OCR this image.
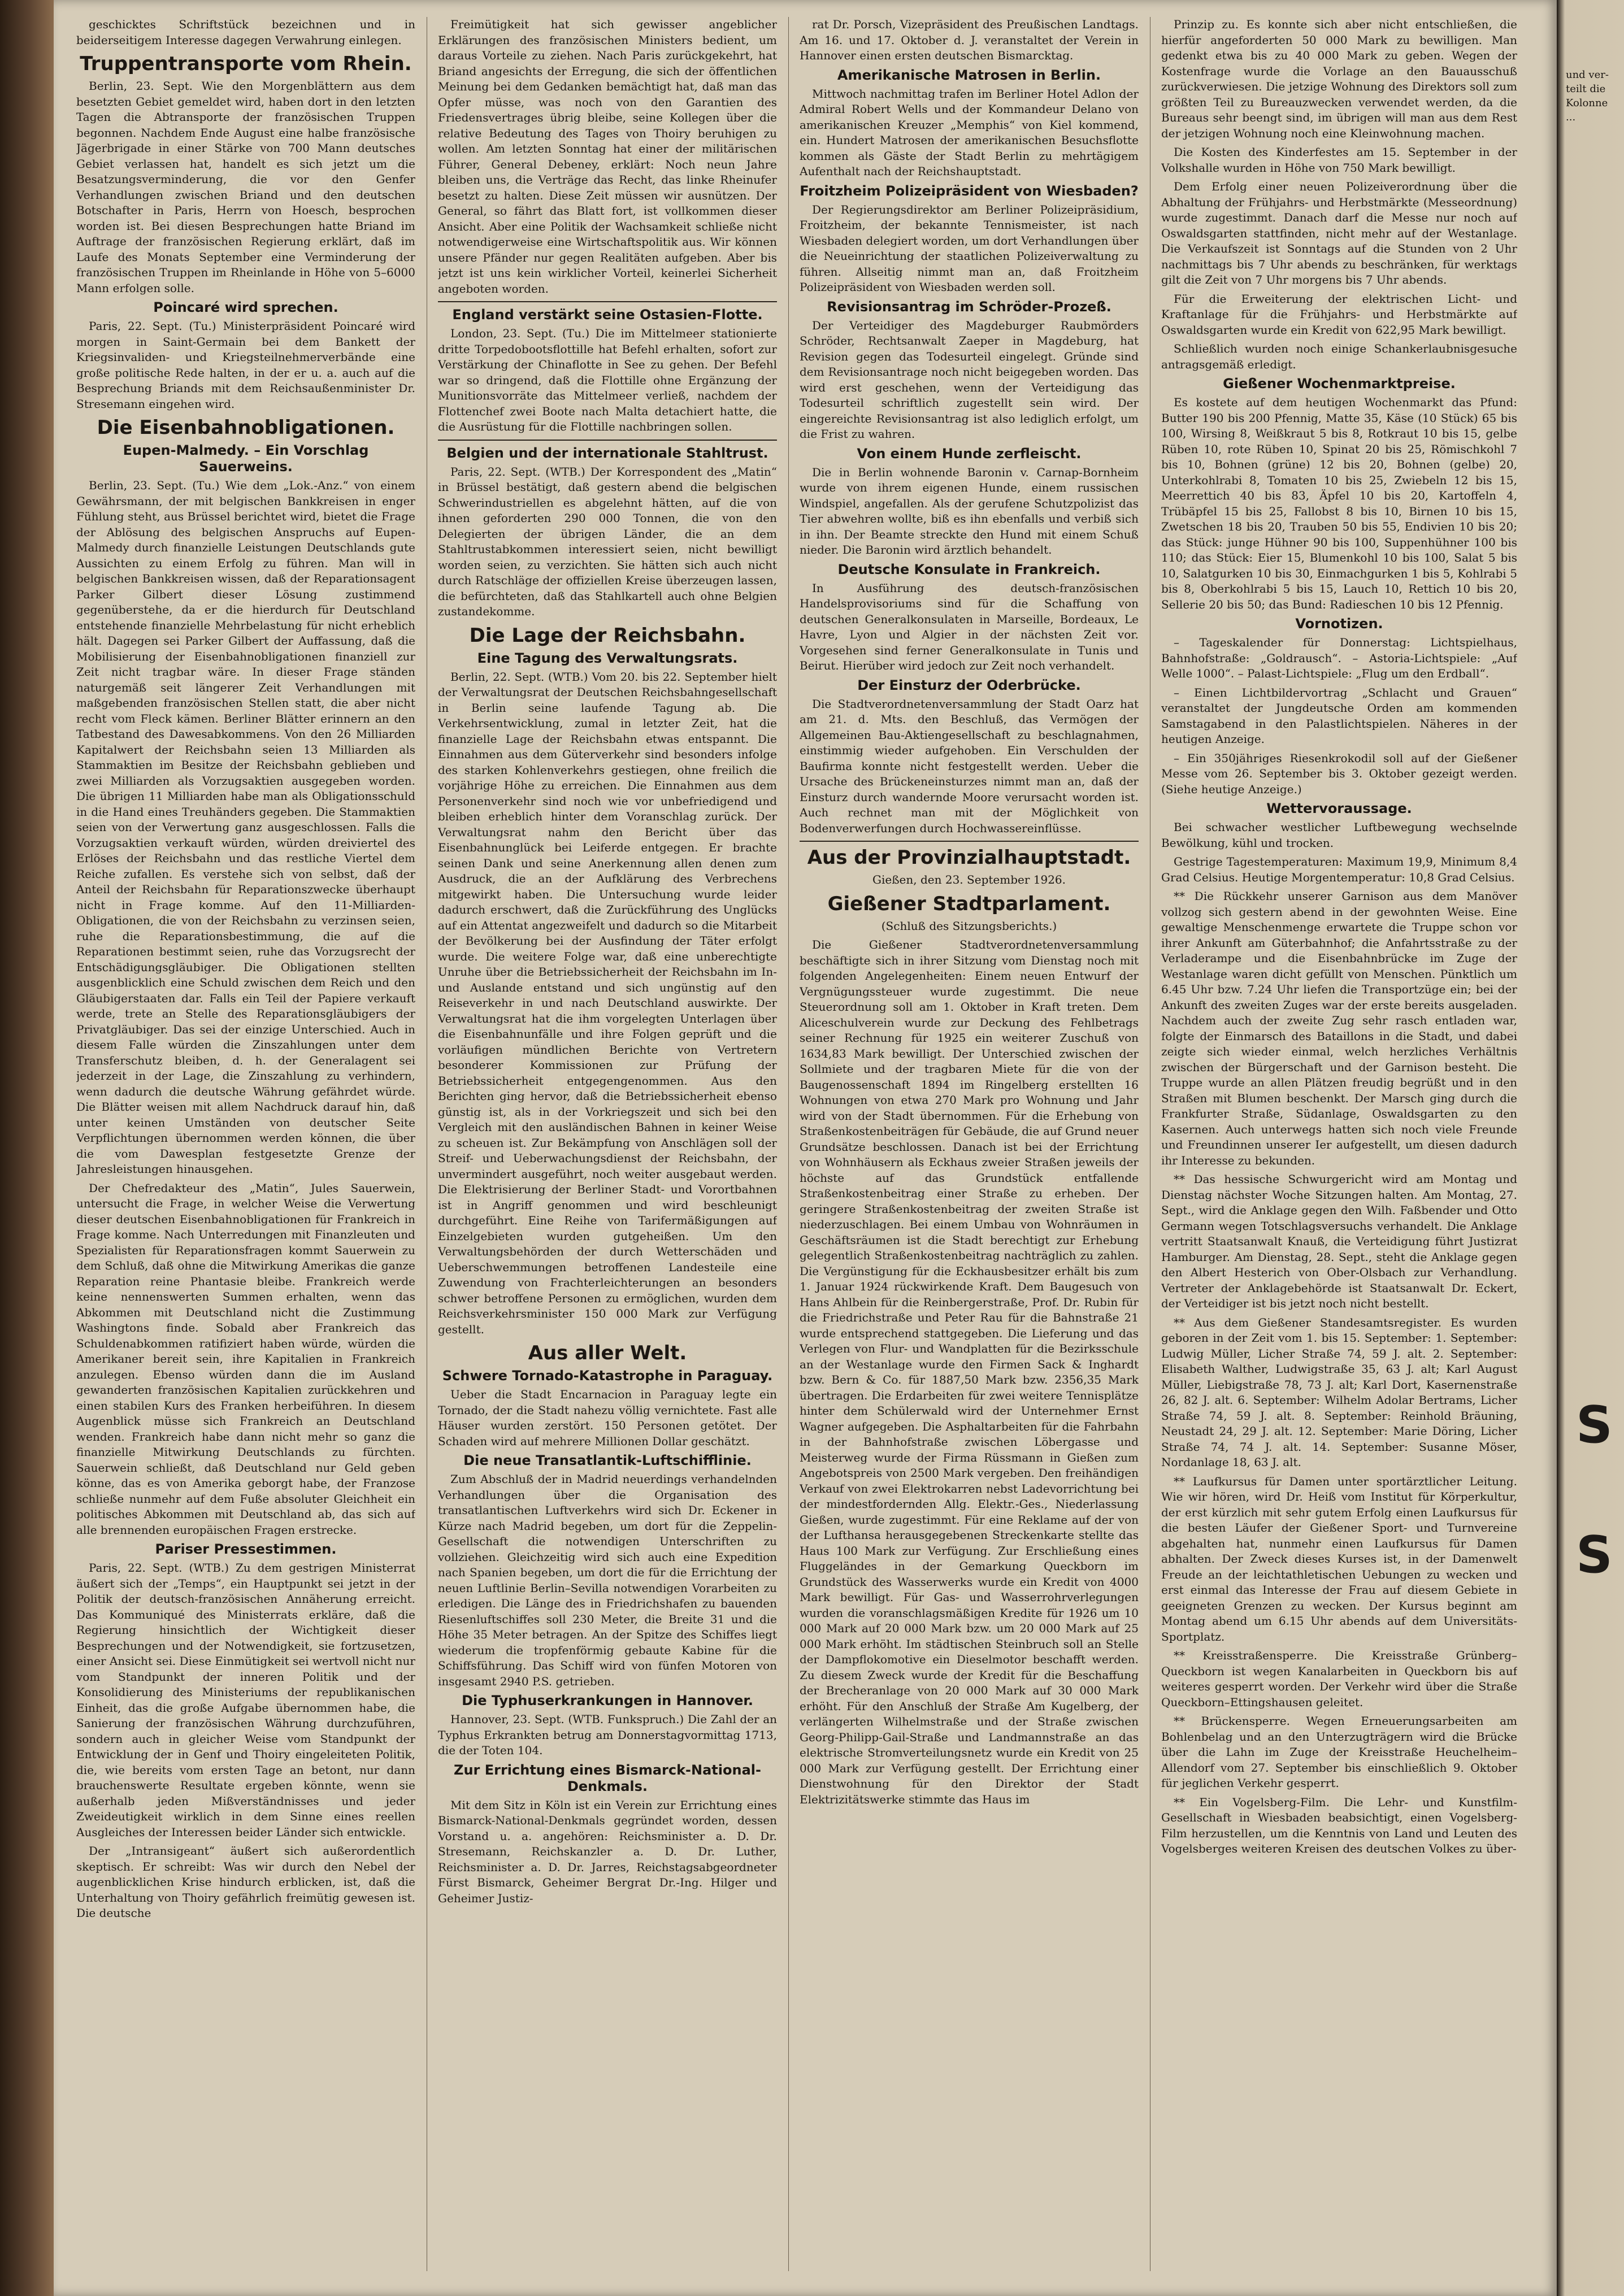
geschicktes Schriftstück bezeichnen und in beiderseitigem Interesse dagegen Verwahrung einlegen.

Truppentransporte vom Rhein.

Berlin, 23. Sept. Wie den Morgenblättern aus dem besetzten Gebiet gemeldet wird, haben dort in den letzten Tagen die Abtransporte der französischen Truppen begonnen. Nachdem Ende August eine halbe französische Jägerbrigade in einer Stärke von 700 Mann deutsches Gebiet verlassen hat, handelt es sich jetzt um die Besatzungsverminderung, die vor den Genfer Verhandlungen zwischen Briand und den deutschen Botschafter in Paris, Herrn von Hoesch, besprochen worden ist. Bei diesen Besprechungen hatte Briand im Auftrage der französischen Regierung erklärt, daß im Laufe des Monats September eine Verminderung der französischen Truppen im Rheinlande in Höhe von 5–6000 Mann erfolgen solle.

Poincaré wird sprechen.

Paris, 22. Sept. (Tu.) Ministerpräsident Poincaré wird morgen in Saint-Germain bei dem Bankett der Kriegsinvaliden- und Kriegsteilnehmerverbände eine große politische Rede halten, in der er u. a. auch auf die Besprechung Briands mit dem Reichsaußenminister Dr. Stresemann eingehen wird.

Die Eisenbahnobligationen.
Eupen-Malmedy. – Ein Vorschlag Sauerweins.

Berlin, 23. Sept. (Tu.) Wie dem „Lok.-Anz.“ von einem Gewährsmann, der mit belgischen Bankkreisen in enger Fühlung steht, aus Brüssel berichtet wird, bietet die Frage der Ablösung des belgischen Anspruchs auf Eupen-Malmedy durch finanzielle Leistungen Deutschlands gute Aussichten zu einem Erfolg zu führen. Man will in belgischen Bankkreisen wissen, daß der Reparationsagent Parker Gilbert dieser Lösung zustimmend gegenüberstehe, da er die hierdurch für Deutschland entstehende finanzielle Mehrbelastung für nicht erheblich hält. Dagegen sei Parker Gilbert der Auffassung, daß die Mobilisierung der Eisenbahnobligationen finanziell zur Zeit nicht tragbar wäre. In dieser Frage ständen naturgemäß seit längerer Zeit Verhandlungen mit maßgebenden französischen Stellen statt, die aber nicht recht vom Fleck kämen. Berliner Blätter erinnern an den Tatbestand des Dawesabkommens. Von den 26 Milliarden Kapitalwert der Reichsbahn seien 13 Milliarden als Stammaktien im Besitze der Reichsbahn geblieben und zwei Milliarden als Vorzugsaktien ausgegeben worden. Die übrigen 11 Milliarden habe man als Obligationsschuld in die Hand eines Treuhänders gegeben. Die Stammaktien seien von der Verwertung ganz ausgeschlossen. Falls die Vorzugsaktien verkauft würden, würden dreiviertel des Erlöses der Reichsbahn und das restliche Viertel dem Reiche zufallen. Es verstehe sich von selbst, daß der Anteil der Reichsbahn für Reparationszwecke überhaupt nicht in Frage komme. Auf den 11-Milliarden-Obligationen, die von der Reichsbahn zu verzinsen seien, ruhe die Reparationsbestimmung, die auf die Reparationen bestimmt seien, ruhe das Vorzugsrecht der Entschädigungsgläubiger. Die Obligationen stellten ausgenblicklich eine Schuld zwischen dem Reich und den Gläubigerstaaten dar. Falls ein Teil der Papiere verkauft werde, trete an Stelle des Reparationsgläubigers der Privatgläubiger. Das sei der einzige Unterschied. Auch in diesem Falle würden die Zinszahlungen unter dem Transferschutz bleiben, d. h. der Generalagent sei jederzeit in der Lage, die Zinszahlung zu verhindern, wenn dadurch die deutsche Währung gefährdet würde. Die Blätter weisen mit allem Nachdruck darauf hin, daß unter keinen Umständen von deutscher Seite Verpflichtungen übernommen werden können, die über die vom Dawesplan festgesetzte Grenze der Jahresleistungen hinausgehen.

Der Chefredakteur des „Matin“, Jules Sauerwein, untersucht die Frage, in welcher Weise die Verwertung dieser deutschen Eisenbahnobligationen für Frankreich in Frage komme. Nach Unterredungen mit Finanzleuten und Spezialisten für Reparationsfragen kommt Sauerwein zu dem Schluß, daß ohne die Mitwirkung Amerikas die ganze Reparation reine Phantasie bleibe. Frankreich werde keine nennenswerten Summen erhalten, wenn das Abkommen mit Deutschland nicht die Zustimmung Washingtons finde. Sobald aber Frankreich das Schuldenabkommen ratifiziert haben würde, würden die Amerikaner bereit sein, ihre Kapitalien in Frankreich anzulegen. Ebenso würden dann die im Ausland gewanderten französischen Kapitalien zurückkehren und einen stabilen Kurs des Franken herbeiführen. In diesem Augenblick müsse sich Frankreich an Deutschland wenden. Frankreich habe dann nicht mehr so ganz die finanzielle Mitwirkung Deutschlands zu fürchten. Sauerwein schließt, daß Deutschland nur Geld geben könne, das es von Amerika geborgt habe, der Franzose schließe nunmehr auf dem Fuße absoluter Gleichheit ein politisches Abkommen mit Deutschland ab, das sich auf alle brennenden europäischen Fragen erstrecke.

Pariser Pressestimmen.

Paris, 22. Sept. (WTB.) Zu dem gestrigen Ministerrat äußert sich der „Temps“, ein Hauptpunkt sei jetzt in der Politik der deutsch-französischen Annäherung erreicht. Das Kommuniqué des Ministerrats erkläre, daß die Regierung hinsichtlich der Wichtigkeit dieser Besprechungen und der Notwendigkeit, sie fortzusetzen, einer Ansicht sei. Diese Einmütigkeit sei wertvoll nicht nur vom Standpunkt der inneren Politik und der Konsolidierung des Ministeriums der republikanischen Einheit, das die große Aufgabe übernommen habe, die Sanierung der französischen Währung durchzuführen, sondern auch in gleicher Weise vom Standpunkt der Entwicklung der in Genf und Thoiry eingeleiteten Politik, die, wie bereits vom ersten Tage an betont, nur dann brauchenswerte Resultate ergeben könnte, wenn sie außerhalb jeden Mißverständnisses und jeder Zweideutigkeit wirklich in dem Sinne eines reellen Ausgleiches der Interessen beider Länder sich entwickle.

Der „Intransigeant“ äußert sich außerordentlich skeptisch. Er schreibt: Was wir durch den Nebel der augenblicklichen Krise hindurch erblicken, ist, daß die Unterhaltung von Thoiry gefährlich freimütig gewesen ist. Die deutsche

Freimütigkeit hat sich gewisser angeblicher Erklärungen des französischen Ministers bedient, um daraus Vorteile zu ziehen. Nach Paris zurückgekehrt, hat Briand angesichts der Erregung, die sich der öffentlichen Meinung bei dem Gedanken bemächtigt hat, daß man das Opfer müsse, was noch von den Garantien des Friedensvertrages übrig bleibe, seine Kollegen über die relative Bedeutung des Tages von Thoiry beruhigen zu wollen. Am letzten Sonntag hat einer der militärischen Führer, General Debeney, erklärt: Noch neun Jahre bleiben uns, die Verträge das Recht, das linke Rheinufer besetzt zu halten. Diese Zeit müssen wir ausnützen. Der General, so fährt das Blatt fort, ist vollkommen dieser Ansicht. Aber eine Politik der Wachsamkeit schließe nicht notwendigerweise eine Wirtschaftspolitik aus. Wir können unsere Pfänder nur gegen Realitäten aufgeben. Aber bis jetzt ist uns kein wirklicher Vorteil, keinerlei Sicherheit angeboten worden.

England verstärkt seine Ostasien-Flotte.

London, 23. Sept. (Tu.) Die im Mittelmeer stationierte dritte Torpedobootsflottille hat Befehl erhalten, sofort zur Verstärkung der Chinaflotte in See zu gehen. Der Befehl war so dringend, daß die Flottille ohne Ergänzung der Munitionsvorräte das Mittelmeer verließ, nachdem der Flottenchef zwei Boote nach Malta detachiert hatte, die die Ausrüstung für die Flottille nachbringen sollen.

Belgien und der internationale Stahltrust.

Paris, 22. Sept. (WTB.) Der Korrespondent des „Matin“ in Brüssel bestätigt, daß gestern abend die belgischen Schwerindustriellen es abgelehnt hätten, auf die von ihnen geforderten 290 000 Tonnen, die von den Delegierten der übrigen Länder, die an dem Stahltrustabkommen interessiert seien, nicht bewilligt worden seien, zu verzichten. Sie hätten sich auch nicht durch Ratschläge der offiziellen Kreise überzeugen lassen, die befürchteten, daß das Stahlkartell auch ohne Belgien zustandekomme.

Die Lage der Reichsbahn.
Eine Tagung des Verwaltungsrats.

Berlin, 22. Sept. (WTB.) Vom 20. bis 22. September hielt der Verwaltungsrat der Deutschen Reichsbahngesellschaft in Berlin seine laufende Tagung ab. Die Verkehrsentwicklung, zumal in letzter Zeit, hat die finanzielle Lage der Reichsbahn etwas entspannt. Die Einnahmen aus dem Güterverkehr sind besonders infolge des starken Kohlenverkehrs gestiegen, ohne freilich die vorjährige Höhe zu erreichen. Die Einnahmen aus dem Personenverkehr sind noch wie vor unbefriedigend und bleiben erheblich hinter dem Voranschlag zurück. Der Verwaltungsrat nahm den Bericht über das Eisenbahnunglück bei Leiferde entgegen. Er brachte seinen Dank und seine Anerkennung allen denen zum Ausdruck, die an der Aufklärung des Verbrechens mitgewirkt haben. Die Untersuchung wurde leider dadurch erschwert, daß die Zurückführung des Unglücks auf ein Attentat angezweifelt und dadurch so die Mitarbeit der Bevölkerung bei der Ausfindung der Täter erfolgt wurde. Die weitere Folge war, daß eine unberechtigte Unruhe über die Betriebssicherheit der Reichsbahn im In- und Auslande entstand und sich ungünstig auf den Reiseverkehr in und nach Deutschland auswirkte. Der Verwaltungsrat hat die ihm vorgelegten Unterlagen über die Eisenbahnunfälle und ihre Folgen geprüft und die vorläufigen mündlichen Berichte von Vertretern besonderer Kommissionen zur Prüfung der Betriebssicherheit entgegengenommen. Aus den Berichten ging hervor, daß die Betriebssicherheit ebenso günstig ist, als in der Vorkriegszeit und sich bei den Vergleich mit den ausländischen Bahnen in keiner Weise zu scheuen ist. Zur Bekämpfung von Anschlägen soll der Streif- und Ueberwachungsdienst der Reichsbahn, der unvermindert ausgeführt, noch weiter ausgebaut werden. Die Elektrisierung der Berliner Stadt- und Vorortbahnen ist in Angriff genommen und wird beschleunigt durchgeführt. Eine Reihe von Tarifermäßigungen auf Einzelgebieten wurden gutgeheißen. Um den Verwaltungsbehörden der durch Wetterschäden und Ueberschwemmungen betroffenen Landesteile eine Zuwendung von Frachterleichterungen an besonders schwer betroffene Personen zu ermöglichen, wurden dem Reichsverkehrsminister 150 000 Mark zur Verfügung gestellt.

Aus aller Welt.
Schwere Tornado-Katastrophe in Paraguay.

Ueber die Stadt Encarnacion in Paraguay legte ein Tornado, der die Stadt nahezu völlig vernichtete. Fast alle Häuser wurden zerstört. 150 Personen getötet. Der Schaden wird auf mehrere Millionen Dollar geschätzt.

Die neue Transatlantik-Luftschifflinie.

Zum Abschluß der in Madrid neuerdings verhandelnden Verhandlungen über die Organisation des transatlantischen Luftverkehrs wird sich Dr. Eckener in Kürze nach Madrid begeben, um dort für die Zeppelin-Gesellschaft die notwendigen Unterschriften zu vollziehen. Gleichzeitig wird sich auch eine Expedition nach Spanien begeben, um dort die für die Errichtung der neuen Luftlinie Berlin–Sevilla notwendigen Vorarbeiten zu erledigen. Die Länge des in Friedrichshafen zu bauenden Riesenluftschiffes soll 230 Meter, die Breite 31 und die Höhe 35 Meter betragen. An der Spitze des Schiffes liegt wiederum die tropfenförmig gebaute Kabine für die Schiffsführung. Das Schiff wird von fünfen Motoren von insgesamt 2940 P.S. getrieben.

Die Typhuserkrankungen in Hannover.

Hannover, 23. Sept. (WTB. Funkspruch.) Die Zahl der an Typhus Erkrankten betrug am Donnerstagvormittag 1713, die der Toten 104.

Zur Errichtung eines Bismarck-National-Denkmals.

Mit dem Sitz in Köln ist ein Verein zur Errichtung eines Bismarck-National-Denkmals gegründet worden, dessen Vorstand u. a. angehören: Reichsminister a. D. Dr. Stresemann, Reichskanzler a. D. Dr. Luther, Reichsminister a. D. Dr. Jarres, Reichstagsabgeordneter Fürst Bismarck, Geheimer Bergrat Dr.-Ing. Hilger und Geheimer Justiz-

rat Dr. Porsch, Vizepräsident des Preußischen Landtags. Am 16. und 17. Oktober d. J. veranstaltet der Verein in Hannover einen ersten deutschen Bismarcktag.

Amerikanische Matrosen in Berlin.

Mittwoch nachmittag trafen im Berliner Hotel Adlon der Admiral Robert Wells und der Kommandeur Delano von amerikanischen Kreuzer „Memphis“ von Kiel kommend, ein. Hundert Matrosen der amerikanischen Besuchsflotte kommen als Gäste der Stadt Berlin zu mehrtägigem Aufenthalt nach der Reichshauptstadt.

Froitzheim Polizeipräsident von Wiesbaden?

Der Regierungsdirektor am Berliner Polizeipräsidium, Froitzheim, der bekannte Tennismeister, ist nach Wiesbaden delegiert worden, um dort Verhandlungen über die Neueinrichtung der staatlichen Polizeiverwaltung zu führen. Allseitig nimmt man an, daß Froitzheim Polizeipräsident von Wiesbaden werden soll.

Revisionsantrag im Schröder-Prozeß.

Der Verteidiger des Magdeburger Raubmörders Schröder, Rechtsanwalt Zaeper in Magdeburg, hat Revision gegen das Todesurteil eingelegt. Gründe sind dem Revisionsantrage noch nicht beigegeben worden. Das wird erst geschehen, wenn der Verteidigung das Todesurteil schriftlich zugestellt sein wird. Der eingereichte Revisionsantrag ist also lediglich erfolgt, um die Frist zu wahren.

Von einem Hunde zerfleischt.

Die in Berlin wohnende Baronin v. Carnap-Bornheim wurde von ihrem eigenen Hunde, einem russischen Windspiel, angefallen. Als der gerufene Schutzpolizist das Tier abwehren wollte, biß es ihn ebenfalls und verbiß sich in ihn. Der Beamte streckte den Hund mit einem Schuß nieder. Die Baronin wird ärztlich behandelt.

Deutsche Konsulate in Frankreich.

In Ausführung des deutsch-französischen Handelsprovisoriums sind für die Schaffung von deutschen Generalkonsulaten in Marseille, Bordeaux, Le Havre, Lyon und Algier in der nächsten Zeit vor. Vorgesehen sind ferner Generalkonsulate in Tunis und Beirut. Hierüber wird jedoch zur Zeit noch verhandelt.

Der Einsturz der Oderbrücke.

Die Stadtverordnetenversammlung der Stadt Oarz hat am 21. d. Mts. den Beschluß, das Vermögen der Allgemeinen Bau-Aktiengesellschaft zu beschlagnahmen, einstimmig wieder aufgehoben. Ein Verschulden der Baufirma konnte nicht festgestellt werden. Ueber die Ursache des Brückeneinsturzes nimmt man an, daß der Einsturz durch wandernde Moore verursacht worden ist. Auch rechnet man mit der Möglichkeit von Bodenverwerfungen durch Hochwassereinflüsse.

Aus der Provinzialhauptstadt.

Gießen, den 23. September 1926.

Gießener Stadtparlament.

(Schluß des Sitzungsberichts.)

Die Gießener Stadtverordnetenversammlung beschäftigte sich in ihrer Sitzung vom Dienstag noch mit folgenden Angelegenheiten: Einem neuen Entwurf der Vergnügungssteuer wurde zugestimmt. Die neue Steuerordnung soll am 1. Oktober in Kraft treten. Dem Aliceschulverein wurde zur Deckung des Fehlbetrags seiner Rechnung für 1925 ein weiterer Zuschuß von 1634,83 Mark bewilligt. Der Unterschied zwischen der Sollmiete und der tragbaren Miete für die von der Baugenossenschaft 1894 im Ringelberg erstellten 16 Wohnungen von etwa 270 Mark pro Wohnung und Jahr wird von der Stadt übernommen. Für die Erhebung von Straßenkostenbeiträgen für Gebäude, die auf Grund neuer Grundsätze beschlossen. Danach ist bei der Errichtung von Wohnhäusern als Eckhaus zweier Straßen jeweils der höchste auf das Grundstück entfallende Straßenkostenbeitrag einer Straße zu erheben. Der geringere Straßenkostenbeitrag der zweiten Straße ist niederzuschlagen. Bei einem Umbau von Wohnräumen in Geschäftsräumen ist die Stadt berechtigt zur Erhebung gelegentlich Straßenkostenbeitrag nachträglich zu zahlen. Die Vergünstigung für die Eckhausbesitzer erhält bis zum 1. Januar 1924 rückwirkende Kraft. Dem Baugesuch von Hans Ahlbein für die Reinbergerstraße, Prof. Dr. Rubin für die Friedrichstraße und Peter Rau für die Bahnstraße 21 wurde entsprechend stattgegeben. Die Lieferung und das Verlegen von Flur- und Wandplatten für die Bezirksschule an der Westanlage wurde den Firmen Sack & Inghardt bzw. Bern & Co. für 1887,50 Mark bzw. 2356,35 Mark übertragen. Die Erdarbeiten für zwei weitere Tennisplätze hinter dem Schülerwald wird der Unternehmer Ernst Wagner aufgegeben. Die Asphaltarbeiten für die Fahrbahn in der Bahnhofstraße zwischen Löbergasse und Meisterweg wurde der Firma Rüssmann in Gießen zum Angebotspreis von 2500 Mark vergeben. Den freihändigen Verkauf von zwei Elektrokarren nebst Ladevorrichtung bei der mindestfordernden Allg. Elektr.-Ges., Niederlassung Gießen, wurde zugestimmt. Für eine Reklame auf der von der Lufthansa herausgegebenen Streckenkarte stellte das Haus 100 Mark zur Verfügung. Zur Erschließung eines Fluggeländes in der Gemarkung Queckborn im Grundstück des Wasserwerks wurde ein Kredit von 4000 Mark bewilligt. Für Gas- und Wasserrohrverlegungen wurden die voranschlagsmäßigen Kredite für 1926 um 10 000 Mark auf 20 000 Mark bzw. um 20 000 Mark auf 25 000 Mark erhöht. Im städtischen Steinbruch soll an Stelle der Dampflokomotive ein Dieselmotor beschafft werden. Zu diesem Zweck wurde der Kredit für die Beschaffung der Brecheranlage von 20 000 Mark auf 30 000 Mark erhöht. Für den Anschluß der Straße Am Kugelberg, der verlängerten Wilhelmstraße und der Straße zwischen Georg-Philipp-Gail-Straße und Landmannstraße an das elektrische Stromverteilungsnetz wurde ein Kredit von 25 000 Mark zur Verfügung gestellt. Der Errichtung einer Dienstwohnung für den Direktor der Stadt Elektrizitätswerke stimmte das Haus im

Prinzip zu. Es konnte sich aber nicht entschließen, die hierfür angeforderten 50 000 Mark zu bewilligen. Man gedenkt etwa bis zu 40 000 Mark zu geben. Wegen der Kostenfrage wurde die Vorlage an den Bauausschuß zurückverwiesen. Die jetzige Wohnung des Direktors soll zum größten Teil zu Bureauzwecken verwendet werden, da die Bureaus sehr beengt sind, im übrigen will man aus dem Rest der jetzigen Wohnung noch eine Kleinwohnung machen.

Die Kosten des Kinderfestes am 15. September in der Volkshalle wurden in Höhe von 750 Mark bewilligt.

Dem Erfolg einer neuen Polizeiverordnung über die Abhaltung der Frühjahrs- und Herbstmärkte (Messeordnung) wurde zugestimmt. Danach darf die Messe nur noch auf Oswaldsgarten stattfinden, nicht mehr auf der Westanlage. Die Verkaufszeit ist Sonntags auf die Stunden von 2 Uhr nachmittags bis 7 Uhr abends zu beschränken, für werktags gilt die Zeit von 7 Uhr morgens bis 7 Uhr abends.

Für die Erweiterung der elektrischen Licht- und Kraftanlage für die Frühjahrs- und Herbstmärkte auf Oswaldsgarten wurde ein Kredit von 622,95 Mark bewilligt.

Schließlich wurden noch einige Schankerlaubnisgesuche antragsgemäß erledigt.

Gießener Wochenmarktpreise.

Es kostete auf dem heutigen Wochenmarkt das Pfund: Butter 190 bis 200 Pfennig, Matte 35, Käse (10 Stück) 65 bis 100, Wirsing 8, Weißkraut 5 bis 8, Rotkraut 10 bis 15, gelbe Rüben 10, rote Rüben 10, Spinat 20 bis 25, Römischkohl 7 bis 10, Bohnen (grüne) 12 bis 20, Bohnen (gelbe) 20, Unterkohlrabi 8, Tomaten 10 bis 25, Zwiebeln 12 bis 15, Meerrettich 40 bis 83, Äpfel 10 bis 20, Kartoffeln 4, Trübäpfel 15 bis 25, Fallobst 8 bis 10, Birnen 10 bis 15, Zwetschen 18 bis 20, Trauben 50 bis 55, Endivien 10 bis 20; das Stück: junge Hühner 90 bis 100, Suppenhühner 100 bis 110; das Stück: Eier 15, Blumenkohl 10 bis 100, Salat 5 bis 10, Salatgurken 10 bis 30, Einmachgurken 1 bis 5, Kohlrabi 5 bis 8, Oberkohlrabi 5 bis 15, Lauch 10, Rettich 10 bis 20, Sellerie 20 bis 50; das Bund: Radieschen 10 bis 12 Pfennig.

Vornotizen.

– Tageskalender für Donnerstag: Lichtspielhaus, Bahnhofstraße: „Goldrausch“. – Astoria-Lichtspiele: „Auf Welle 1000“. – Palast-Lichtspiele: „Flug um den Erdball“.

– Einen Lichtbildervortrag „Schlacht und Grauen“ veranstaltet der Jungdeutsche Orden am kommenden Samstagabend in den Palastlichtspielen. Näheres in der heutigen Anzeige.

– Ein 350jähriges Riesenkrokodil soll auf der Gießener Messe vom 26. September bis 3. Oktober gezeigt werden. (Siehe heutige Anzeige.)

Wettervoraussage.

Bei schwacher westlicher Luftbewegung wechselnde Bewölkung, kühl und trocken.

Gestrige Tagestemperaturen: Maximum 19,9, Minimum 8,4 Grad Celsius. Heutige Morgentemperatur: 10,8 Grad Celsius.

** Die Rückkehr unserer Garnison aus dem Manöver vollzog sich gestern abend in der gewohnten Weise. Eine gewaltige Menschenmenge erwartete die Truppe schon vor ihrer Ankunft am Güterbahnhof; die Anfahrtsstraße zu der Verladerampe und die Eisenbahnbrücke im Zuge der Westanlage waren dicht gefüllt von Menschen. Pünktlich um 6.45 Uhr bzw. 7.24 Uhr liefen die Transportzüge ein; bei der Ankunft des zweiten Zuges war der erste bereits ausgeladen. Nachdem auch der zweite Zug sehr rasch entladen war, folgte der Einmarsch des Bataillons in die Stadt, und dabei zeigte sich wieder einmal, welch herzliches Verhältnis zwischen der Bürgerschaft und der Garnison besteht. Die Truppe wurde an allen Plätzen freudig begrüßt und in den Straßen mit Blumen beschenkt. Der Marsch ging durch die Frankfurter Straße, Südanlage, Oswaldsgarten zu den Kasernen. Auch unterwegs hatten sich noch viele Freunde und Freundinnen unserer Ier aufgestellt, um diesen dadurch ihr Interesse zu bekunden.

** Das hessische Schwurgericht wird am Montag und Dienstag nächster Woche Sitzungen halten. Am Montag, 27. Sept., wird die Anklage gegen den Wilh. Faßbender und Otto Germann wegen Totschlagsversuchs verhandelt. Die Anklage vertritt Staatsanwalt Knauß, die Verteidigung führt Justizrat Hamburger. Am Dienstag, 28. Sept., steht die Anklage gegen den Albert Hesterich von Ober-Olsbach zur Verhandlung. Vertreter der Anklagebehörde ist Staatsanwalt Dr. Eckert, der Verteidiger ist bis jetzt noch nicht bestellt.

** Aus dem Gießener Standesamtsregister. Es wurden geboren in der Zeit vom 1. bis 15. September: 1. September: Ludwig Müller, Licher Straße 74, 59 J. alt. 2. September: Elisabeth Walther, Ludwigstraße 35, 63 J. alt; Karl August Müller, Liebigstraße 78, 73 J. alt; Karl Dort, Kasernenstraße 26, 82 J. alt. 6. September: Wilhelm Adolar Bertrams, Licher Straße 74, 59 J. alt. 8. September: Reinhold Bräuning, Neustadt 24, 29 J. alt. 12. September: Marie Döring, Licher Straße 74, 74 J. alt. 14. September: Susanne Möser, Nordanlage 18, 63 J. alt.

** Laufkursus für Damen unter sportärztlicher Leitung. Wie wir hören, wird Dr. Heiß vom Institut für Körperkultur, der erst kürzlich mit sehr gutem Erfolg einen Laufkursus für die besten Läufer der Gießener Sport- und Turnvereine abgehalten hat, nunmehr einen Laufkursus für Damen abhalten. Der Zweck dieses Kurses ist, in der Damenwelt Freude an der leichtathletischen Uebungen zu wecken und erst einmal das Interesse der Frau auf diesem Gebiete in geeigneten Grenzen zu wecken. Der Kursus beginnt am Montag abend um 6.15 Uhr abends auf dem Universitäts-Sportplatz.

** Kreisstraßensperre. Die Kreisstraße Grünberg–Queckborn ist wegen Kanalarbeiten in Queckborn bis auf weiteres gesperrt worden. Der Verkehr wird über die Straße Queckborn–Ettingshausen geleitet.

** Brückensperre. Wegen Erneuerungsarbeiten am Bohlenbelag und an den Unterzugträgern wird die Brücke über die Lahn im Zuge der Kreisstraße Heuchelheim–Allendorf vom 27. September bis einschließlich 9. Oktober für jeglichen Verkehr gesperrt.

** Ein Vogelsberg-Film. Die Lehr- und Kunstfilm-Gesellschaft in Wiesbaden beabsichtigt, einen Vogelsberg-Film herzustellen, um die Kenntnis von Land und Leuten des Vogelsberges weiteren Kreisen des deutschen Volkes zu über-

und verteilt die Kolonne ...
S
S
